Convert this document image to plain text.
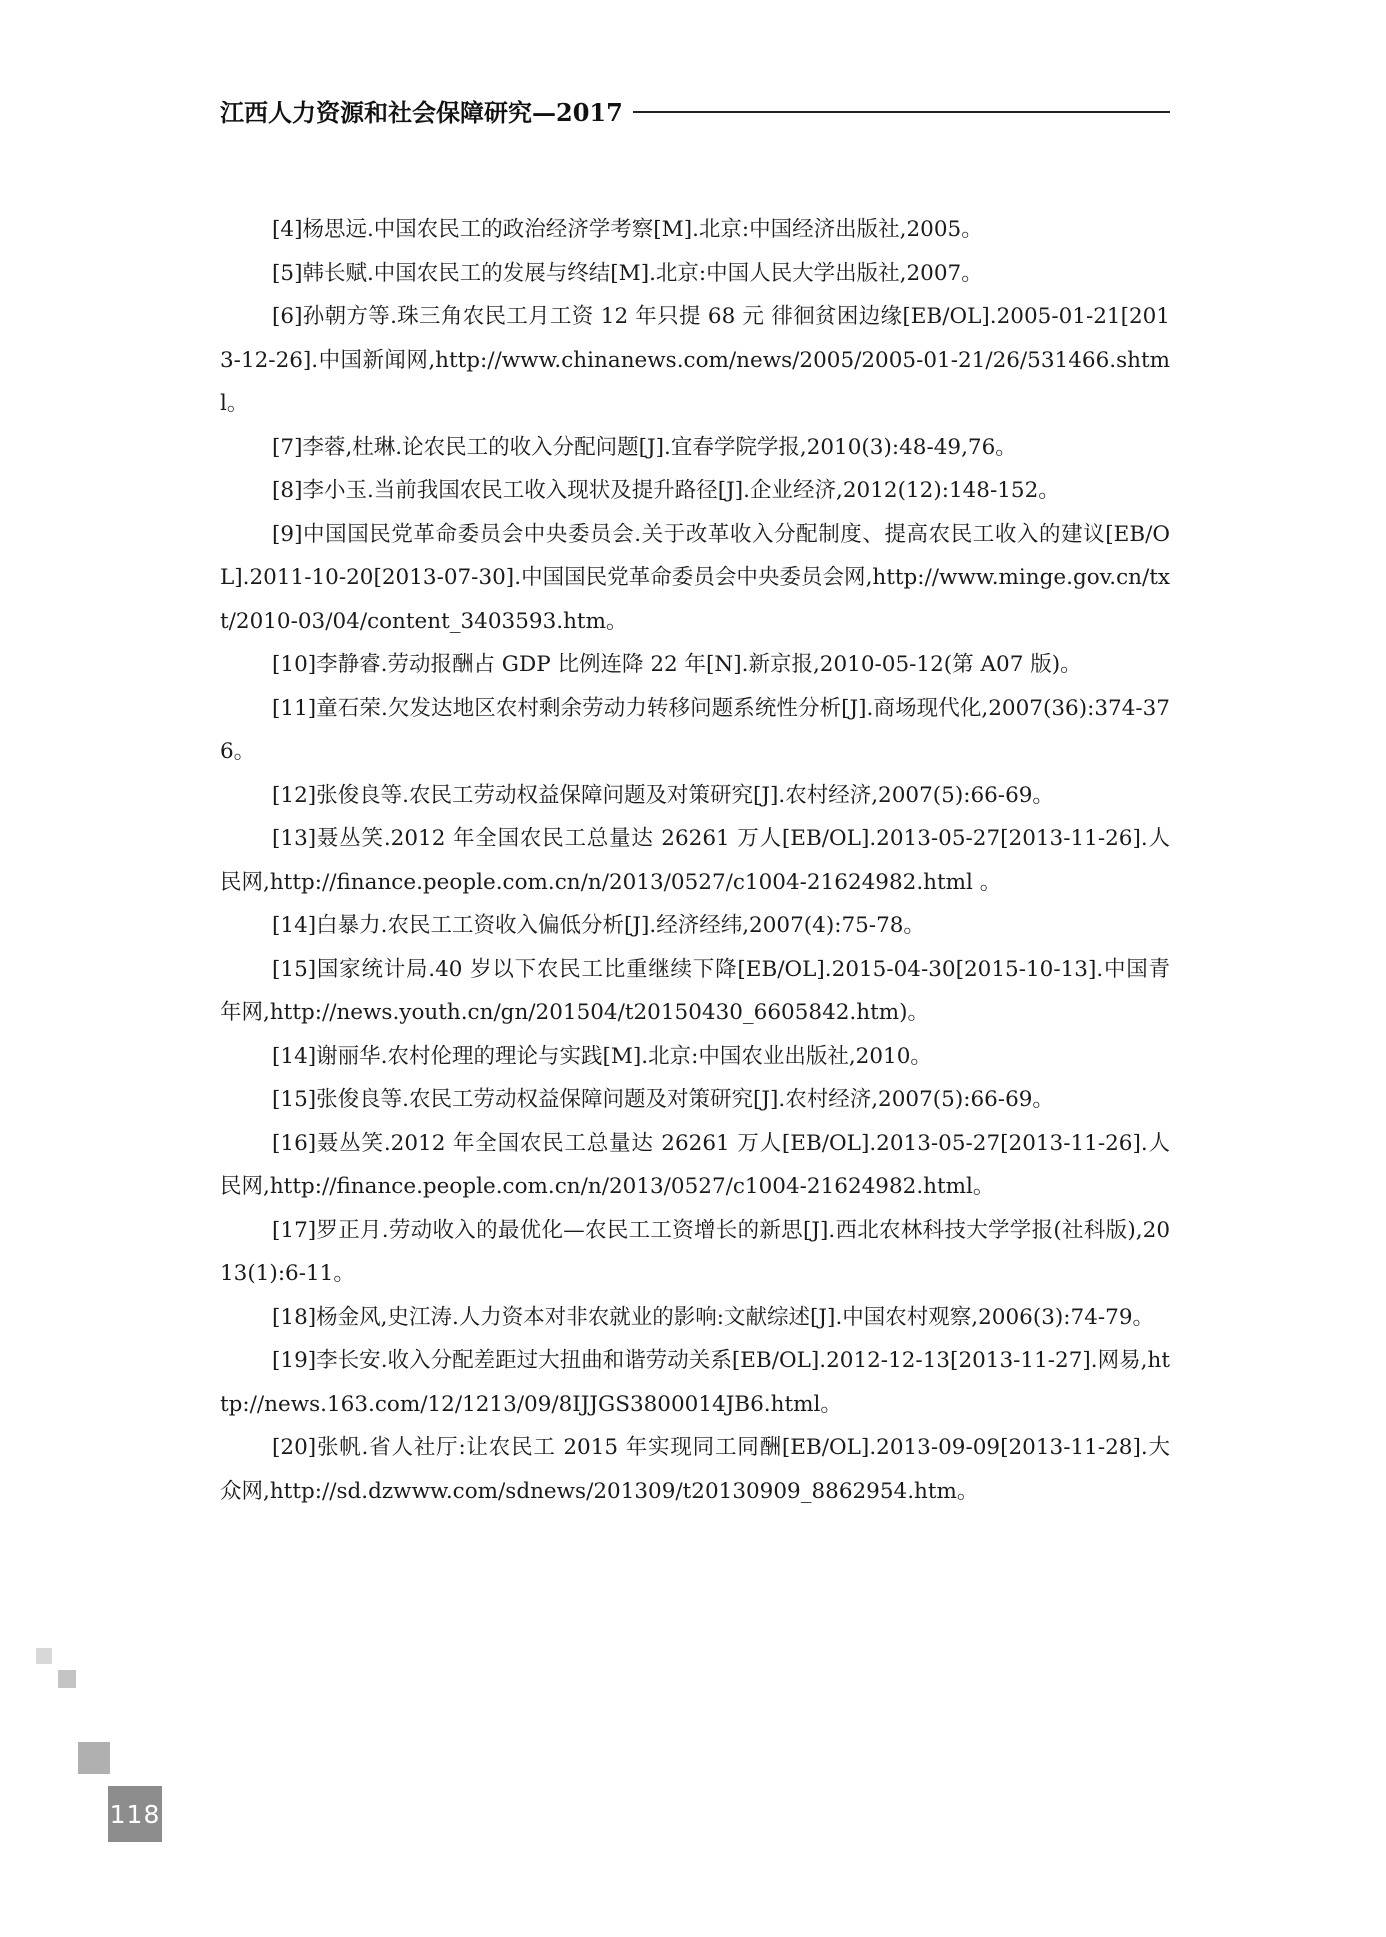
江西人力资源和社会保障研究—2017
[4]杨思远.中国农民工的政治经济学考察[M].北京:中国经济出版社,2005。
[5]韩长赋.中国农民工的发展与终结[M].北京:中国人民大学出版社,2007。
[6]孙朝方等.珠三角农民工月工资 12 年只提 68 元 徘徊贫困边缘[EB/OL].2005-01-21[2013-12-26].中国新闻网,http://www.chinanews.com/news/2005/2005-01-21/26/531466.shtml。
[7]李蓉,杜琳.论农民工的收入分配问题[J].宜春学院学报,2010(3):48-49,76。
[8]李小玉.当前我国农民工收入现状及提升路径[J].企业经济,2012(12):148-152。
[9]中国国民党革命委员会中央委员会.关于改革收入分配制度、提高农民工收入的建议[EB/OL].2011-10-20[2013-07-30].中国国民党革命委员会中央委员会网,http://www.minge.gov.cn/txt/2010-03/04/content_3403593.htm。
[10]李静睿.劳动报酬占 GDP 比例连降 22 年[N].新京报,2010-05-12(第 A07 版)。
[11]童石荣.欠发达地区农村剩余劳动力转移问题系统性分析[J].商场现代化,2007(36):374-376。
[12]张俊良等.农民工劳动权益保障问题及对策研究[J].农村经济,2007(5):66-69。
[13]聂丛笑.2012 年全国农民工总量达 26261 万人[EB/OL].2013-05-27[2013-11-26].人民网,http://finance.people.com.cn/n/2013/0527/c1004-21624982.html 。
[14]白暴力.农民工工资收入偏低分析[J].经济经纬,2007(4):75-78。
[15]国家统计局.40 岁以下农民工比重继续下降[EB/OL].2015-04-30[2015-10-13].中国青年网,http://news.youth.cn/gn/201504/t20150430_6605842.htm)。
[14]谢丽华.农村伦理的理论与实践[M].北京:中国农业出版社,2010。
[15]张俊良等.农民工劳动权益保障问题及对策研究[J].农村经济,2007(5):66-69。
[16]聂丛笑.2012 年全国农民工总量达 26261 万人[EB/OL].2013-05-27[2013-11-26].人民网,http://finance.people.com.cn/n/2013/0527/c1004-21624982.html。
[17]罗正月.劳动收入的最优化—农民工工资增长的新思[J].西北农林科技大学学报(社科版),2013(1):6-11。
[18]杨金风,史江涛.人力资本对非农就业的影响:文献综述[J].中国农村观察,2006(3):74-79。
[19]李长安.收入分配差距过大扭曲和谐劳动关系[EB/OL].2012-12-13[2013-11-27].网易,http://news.163.com/12/1213/09/8IJJGS3800014JB6.html。
[20]张帆.省人社厅:让农民工 2015 年实现同工同酬[EB/OL].2013-09-09[2013-11-28].大众网,http://sd.dzwww.com/sdnews/201309/t20130909_8862954.htm。
118
